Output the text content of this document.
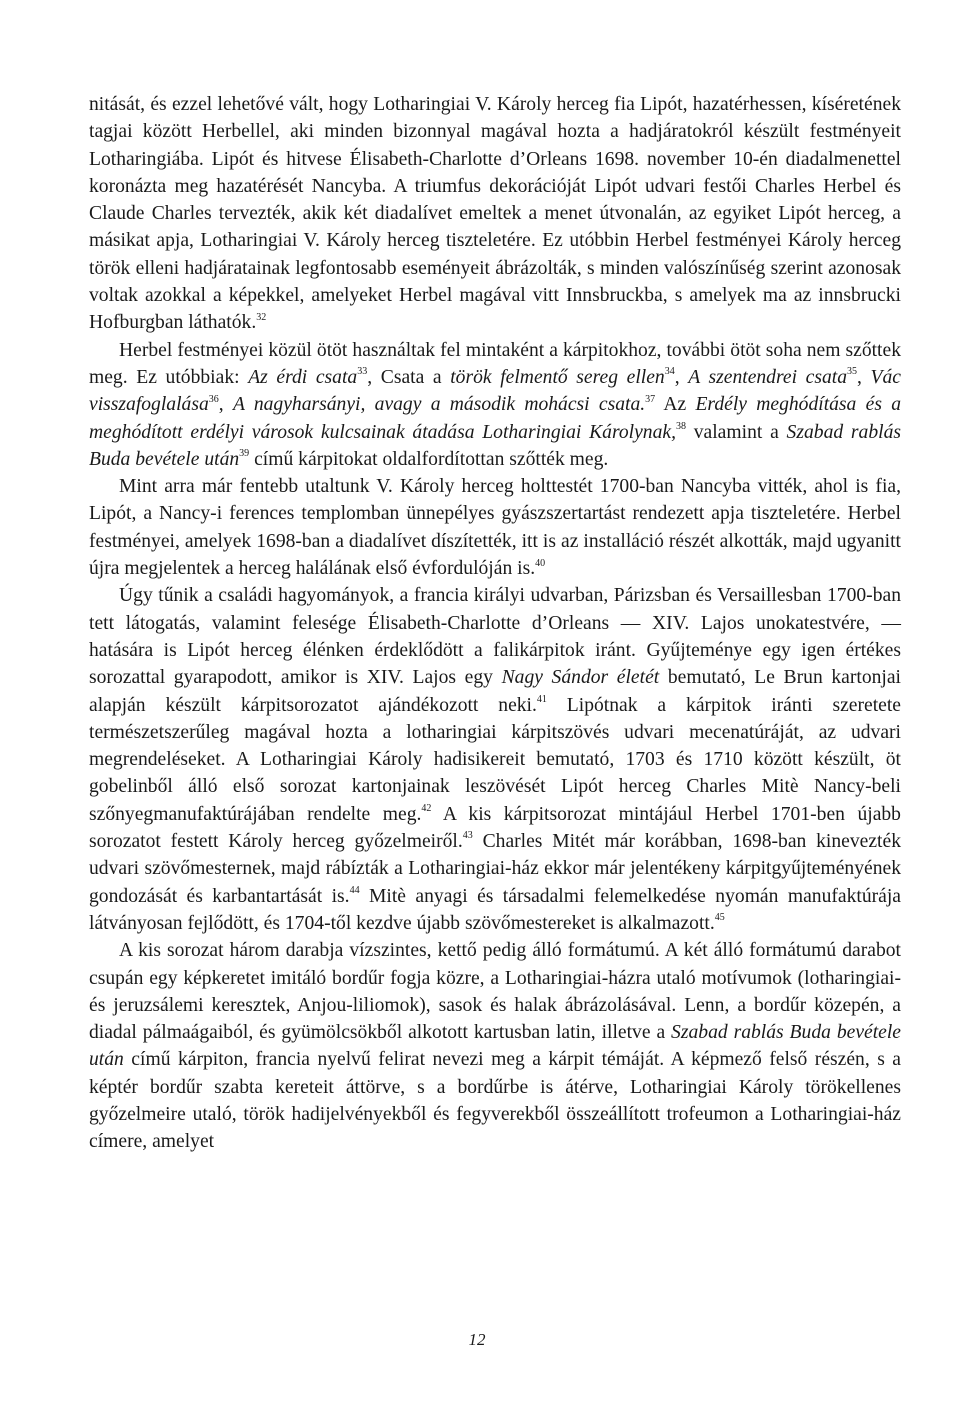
nitását, és ezzel lehetővé vált, hogy Lotharingiai V. Károly herceg fia Lipót, hazatérhessen, kíséretének tagjai között Herbellel, aki minden bizonnyal magával hozta a hadjáratokról készült festményeit Lotharingiába. Lipót és hitvese Élisabeth-Charlotte d’Orleans 1698. november 10-én diadalmenettel koronázta meg hazatérését Nancyba. A triumfus dekorációját Lipót udvari festői Charles Herbel és Claude Charles tervezték, akik két diadalívet emeltek a menet útvonalán, az egyiket Lipót herceg, a másikat apja, Lotharingiai V. Károly herceg tiszteletére. Ez utóbbin Herbel festményei Károly herceg török elleni hadjáratainak legfontosabb eseményeit ábrázolták, s minden valószínűség szerint azonosak voltak azokkal a képekkel, amelyeket Herbel magával vitt Innsbruckba, s amelyek ma az innsbrucki Hofburgban láthatók.$^{32}$

Herbel festményei közül ötöt használtak fel mintaként a kárpitokhoz, további ötöt soha nem szőttek meg. Ez utóbbiak: Az érdi csata$^{33}$, Csata a török felmentő sereg ellen$^{34}$, A szentendrei csata$^{35}$, Vác visszafoglalása$^{36}$, A nagyharsányi, avagy a második mohácsi csata.$^{37}$ Az Erdély meghódítása és a meghódított erdélyi városok kulcsainak átadása Lotharingiai Károlynak,$^{38}$ valamint a Szabad rablás Buda bevétele után$^{39}$ című kárpitokat oldalfordítottan szőtték meg.

Mint arra már fentebb utaltunk V. Károly herceg holttestét 1700-ban Nancyba vitték, ahol is fia, Lipót, a Nancy-i ferences templomban ünnepélyes gyászszertartást rendezett apja tiszteletére. Herbel festményei, amelyek 1698-ban a diadalívet díszítették, itt is az installáció részét alkották, majd ugyanitt újra megjelentek a herceg halálának első évfordulóján is.$^{40}$

Úgy tűnik a családi hagyományok, a francia királyi udvarban, Párizsban és Versaillesban 1700-ban tett látogatás, valamint felesége Élisabeth-Charlotte d’Orleans — XIV. Lajos unokatestvére, — hatására is Lipót herceg élénken érdeklődött a falikárpitok iránt. Gyűjteménye egy igen értékes sorozattal gyarapodott, amikor is XIV. Lajos egy Nagy Sándor életét bemutató, Le Brun kartonjai alapján készült kárpitsorozatot ajándékozott neki.$^{41}$ Lipótnak a kárpitok iránti szeretete természetszerűleg magával hozta a lotharingiai kárpitszövés udvari mecenatúráját, az udvari megrendeléseket. A Lotharingiai Károly hadisikereit bemutató, 1703 és 1710 között készült, öt gobelinből álló első sorozat kartonjainak leszövését Lipót herceg Charles Mitè Nancy-beli szőnyegmanufaktúrájában rendelte meg.$^{42}$ A kis kárpitsorozat mintájául Herbel 1701-ben újabb sorozatot festett Károly herceg győzelmeiről.$^{43}$ Charles Mitét már korábban, 1698-ban kinevezték udvari szövőmesternek, majd rábízták a Lotharingiai-ház ekkor már jelentékeny kárpitgyűjteményének gondozását és karbantartását is.$^{44}$ Mitè anyagi és társadalmi felemelkedése nyomán manufaktúrája látványosan fejlődött, és 1704-től kezdve újabb szövőmestereket is alkalmazott.$^{45}$

A kis sorozat három darabja vízszintes, kettő pedig álló formátumú. A két álló formátumú darabot csupán egy képkeretet imitáló bordűr fogja közre, a Lotharingiai-házra utaló motívumok (lotharingiai- és jeruzsálemi keresztek, Anjou-liliomok), sasok és halak ábrázolásával. Lenn, a bordűr közepén, a diadal pálmaágaiból, és gyümölcsökből alkotott kartusban latin, illetve a Szabad rablás Buda bevétele után című kárpiton, francia nyelvű felirat nevezi meg a kárpit témáját. A képmező felső részén, s a képtér bordűr szabta kereteit áttörve, s a bordűrbe is átérve, Lotharingiai Károly törökellenes győzelmeire utaló, török hadijelvényekből és fegyverekből összeállított trofeumon a Lotharingiai-ház címere, amelyet

12
